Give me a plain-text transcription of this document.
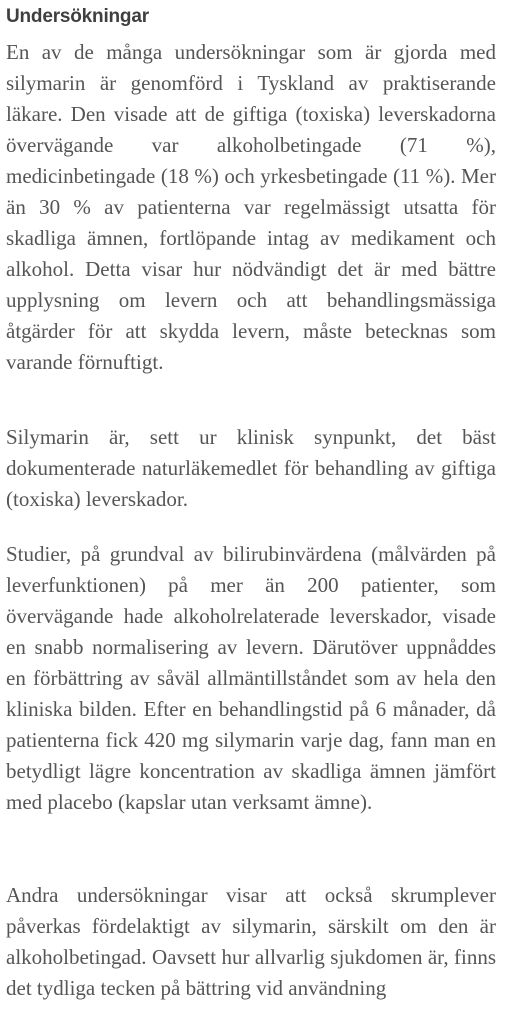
Undersökningar

En av de många undersökningar som är gjorda med silymarin är genomförd i Tyskland av praktiserande läkare. Den visade att de giftiga (toxiska) leverskadorna övervägande var alkoholbetingade (71 %), medicinbetingade (18 %) och yrkesbetingade (11 %). Mer än 30 % av patienterna var regelmässigt utsatta för skadliga ämnen, fortlöpande intag av medikament och alkohol. Detta visar hur nödvändigt det är med bättre upplysning om levern och att behandlingsmässiga åtgärder för att skydda levern, måste betecknas som varande förnuftigt.

Silymarin är, sett ur klinisk synpunkt, det bäst dokumenterade naturläkemedlet för behandling av giftiga (toxiska) leverskador.

Studier, på grundval av bilirubinvärdena (målvärden på leverfunktionen) på mer än 200 patienter, som övervägande hade alkoholrelaterade leverskador, visade en snabb normalisering av levern. Därutöver uppnåddes en förbättring av såväl allmäntillståndet som av hela den kliniska bilden. Efter en behandlingstid på 6 månader, då patienterna fick 420 mg silymarin varje dag, fann man en betydligt lägre koncentration av skadliga ämnen jämfört med placebo (kapslar utan verksamt ämne).

Andra undersökningar visar att också skrumplever påverkas fördelaktigt av silymarin, särskilt om den är alkoholbetingad. Oavsett hur allvarlig sjukdomen är, finns det tydliga tecken på bättring vid användning
